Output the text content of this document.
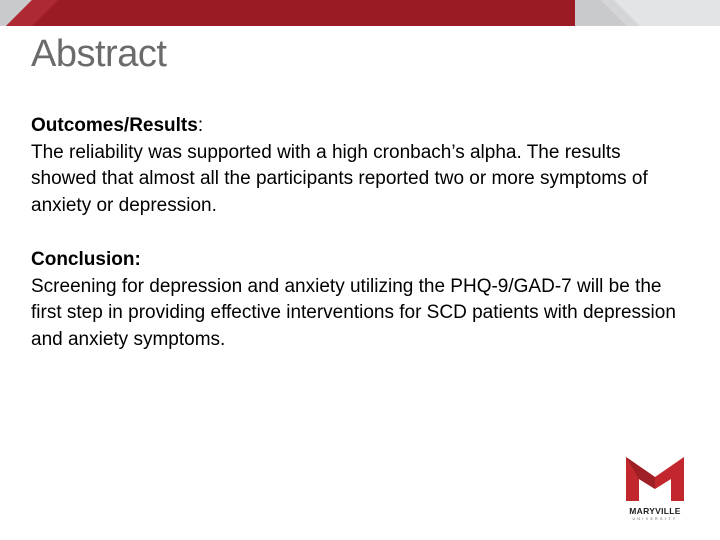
Abstract
Outcomes/Results:
The reliability was supported with a high cronbach’s alpha. The results showed that almost all the participants reported two or more symptoms of anxiety or depression.
Conclusion:
Screening for depression and anxiety utilizing the PHQ-9/GAD-7 will be the first step in providing effective interventions for SCD patients with depression and anxiety symptoms.
MARYVILLE
UNIVERSITY
